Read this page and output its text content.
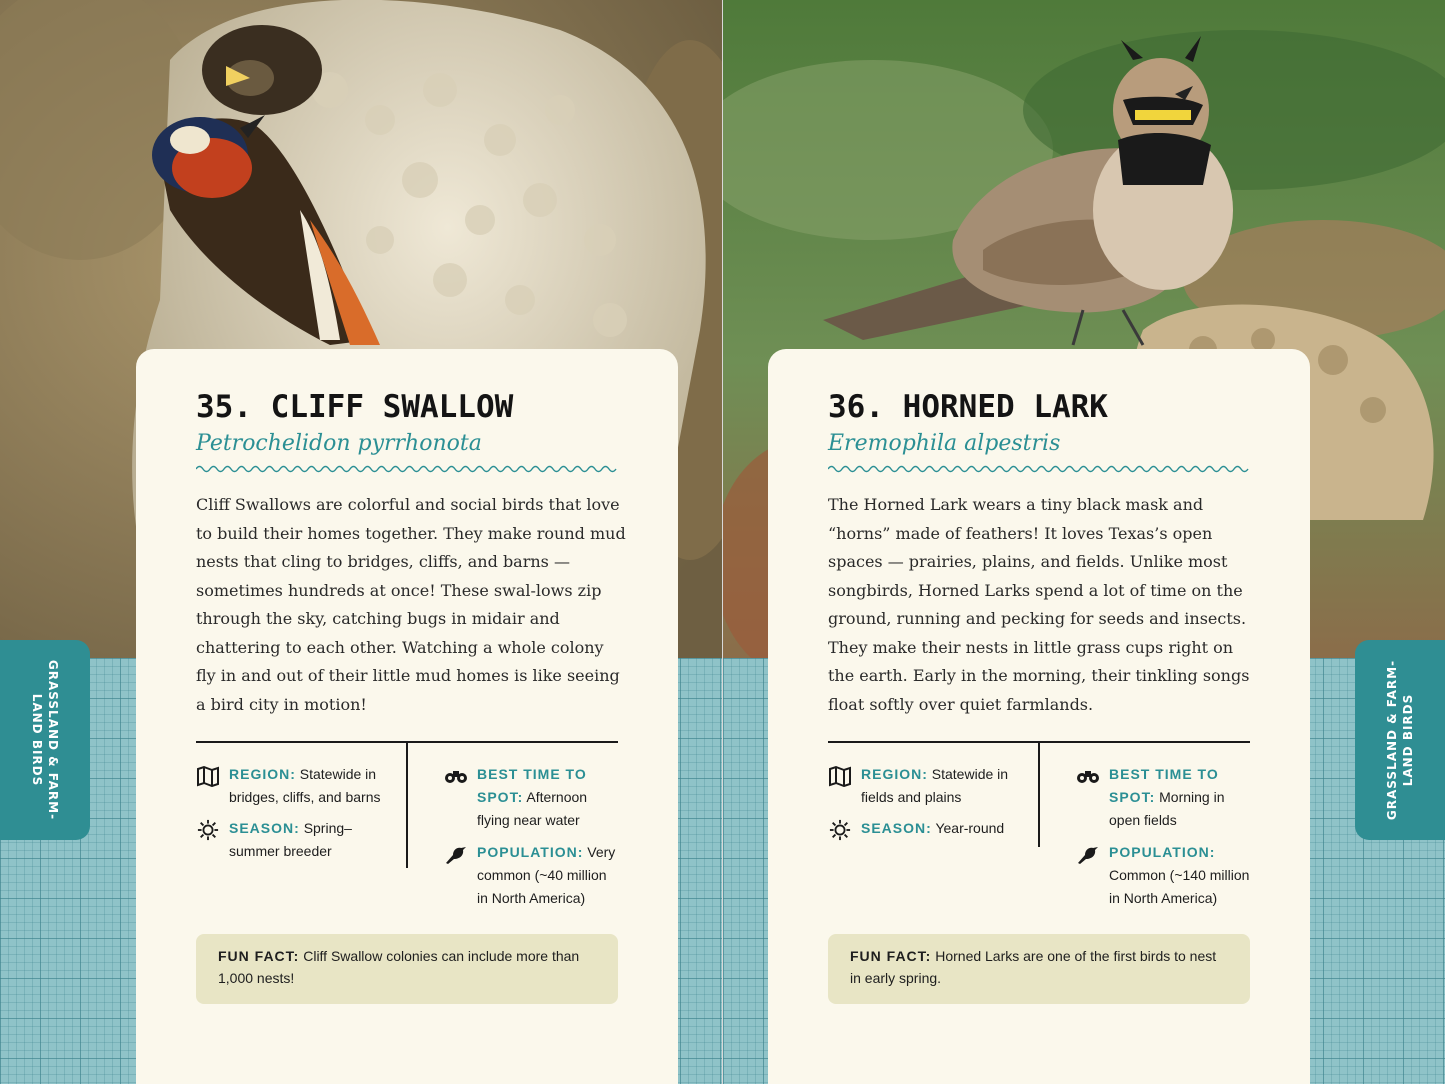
GRASSLAND & FARM-LAND BIRDS
35. CLIFF SWALLOW
Petrochelidon pyrrhonota
Cliff Swallows are colorful and social birds that love to build their homes together. They make round mud nests that cling to bridges, cliffs, and barns — sometimes hundreds at once! These swal-lows zip through the sky, catching bugs in midair and chattering to each other. Watching a whole colony fly in and out of their little mud homes is like seeing a bird city in motion!
REGION: Statewide in bridges, cliffs, and barns
SEASON: Spring–summer breeder
BEST TIME TO SPOT: Afternoon flying near water
POPULATION: Very common (~40 million in North America)
FUN FACT: Cliff Swallow colonies can include more than 1,000 nests!
GRASSLAND & FARM-LAND BIRDS
36. HORNED LARK
Eremophila alpestris
The Horned Lark wears a tiny black mask and “horns” made of feathers! It loves Texas’s open spaces — prairies, plains, and fields. Unlike most songbirds, Horned Larks spend a lot of time on the ground, running and pecking for seeds and insects. They make their nests in little grass cups right on the earth. Early in the morning, their tinkling songs float softly over quiet farmlands.
REGION: Statewide in fields and plains
SEASON: Year-round
BEST TIME TO SPOT: Morning in open fields
POPULATION: Common (~140 million in North America)
FUN FACT: Horned Larks are one of the first birds to nest in early spring.
